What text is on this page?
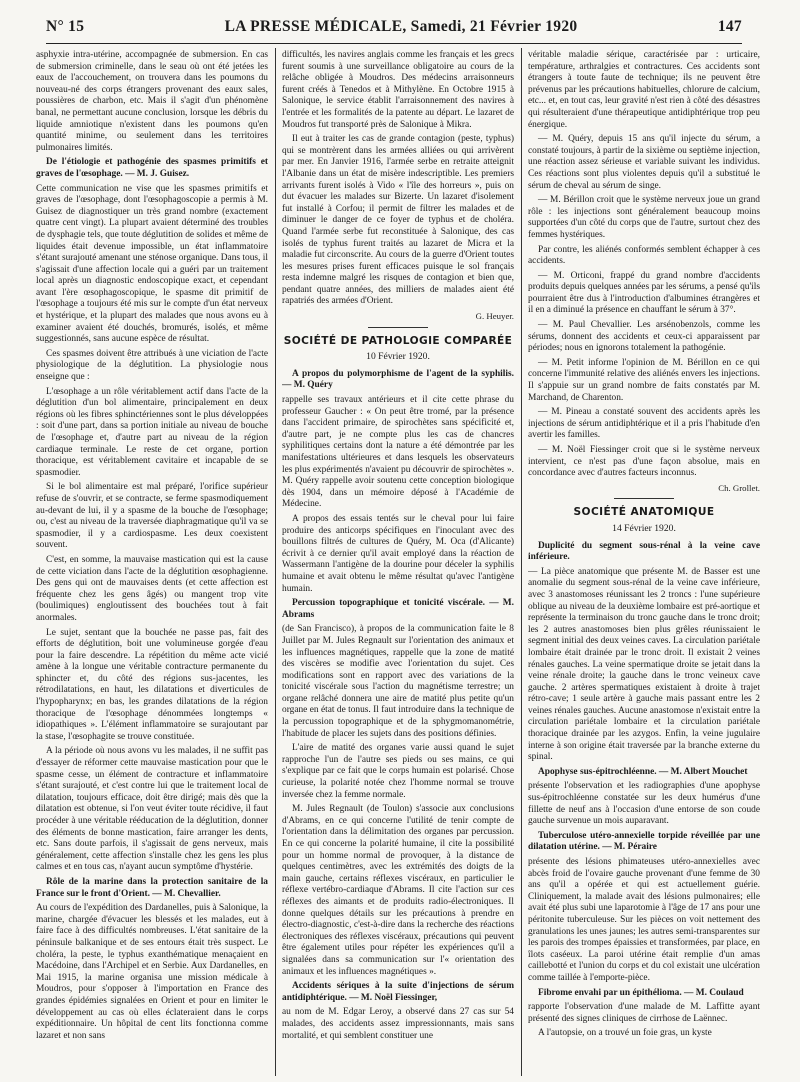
N° 15	LA PRESSE MÉDICALE, Samedi, 21 Février 1920	147

asphyxie intra-utérine, accompagnée de submersion. En cas de submersion criminelle, dans le seau où ont été jetées les eaux de l'accouchement, on trouvera dans les poumons du nouveau-né des corps étrangers provenant des eaux sales, poussières de charbon, etc. Mais il s'agit d'un phénomène banal, ne permettant aucune conclusion, lorsque les débris du liquide amniotique n'existent dans les poumons qu'en quantité minime, ou seulement dans les territoires pulmonaires limités.

De l'étiologie et pathogénie des spasmes primitifs et graves de l'œsophage. — M. J. Guisez.

Cette communication ne vise que les spasmes primitifs et graves de l'œsophage, dont l'œsophagoscopie a permis à M. Guisez de diagnostiquer un très grand nombre (exactement quatre cent vingt). La plupart avaient déterminé des troubles de dysphagie tels, que toute déglutition de solides et même de liquides était devenue impossible, un état inflammatoire s'étant surajouté amenant une sténose organique. Dans tous, il s'agissait d'une affection locale qui a guéri par un traitement local après un diagnostic endoscopique exact, et cependant avant l'ère œsophagoscopique, le spasme dit primitif de l'œsophage a toujours été mis sur le compte d'un état nerveux et hystérique, et la plupart des malades que nous avons eu à examiner avaient été douchés, bromurés, isolés, et même suggestionnés, sans aucune espèce de résultat.

Ces spasmes doivent être attribués à une viciation de l'acte physiologique de la déglutition. La physiologie nous enseigne que :

L'œsophage a un rôle véritablement actif dans l'acte de la déglutition d'un bol alimentaire, principalement en deux régions où les fibres sphinctériennes sont le plus développées : soit d'une part, dans sa portion initiale au niveau de bouche de l'œsophage et, d'autre part au niveau de la région cardiaque terminale. Le reste de cet organe, portion thoracique, est véritablement cavitaire et incapable de se spasmodier.

Si le bol alimentaire est mal préparé, l'orifice supérieur refuse de s'ouvrir, et se contracte, se ferme spasmodiquement au-devant de lui, il y a spasme de la bouche de l'œsophage; ou, c'est au niveau de la traversée diaphragmatique qu'il va se spasmodier, il y a cardiospasme. Les deux coexistent souvent.

C'est, en somme, la mauvaise mastication qui est la cause de cette viciation dans l'acte de la déglutition œsophagienne. Des gens qui ont de mauvaises dents (et cette affection est fréquente chez les gens âgés) ou mangent trop vite (boulimiques) engloutissent des bouchées tout à fait anormales.

Le sujet, sentant que la bouchée ne passe pas, fait des efforts de déglutition, boit une volumineuse gorgée d'eau pour la faire descendre. La répétition du même acte vicié amène à la longue une véritable contracture permanente du sphincter et, du côté des régions sus-jacentes, les rétrodilatations, en haut, les dilatations et diverticules de l'hypopharynx; en bas, les grandes dilatations de la région thoracique de l'œsophage dénommées longtemps « idiopathiques ». L'élément inflammatoire se surajoutant par la stase, l'œsophagite se trouve constituée.

A la période où nous avons vu les malades, il ne suffit pas d'essayer de réformer cette mauvaise mastication pour que le spasme cesse, un élément de contracture et inflammatoire s'étant surajouté, et c'est contre lui que le traitement local de dilatation, toujours efficace, doit être dirigé; mais dès que la dilatation est obtenue, si l'on veut éviter toute récidive, il faut procéder à une véritable rééducation de la déglutition, donner des éléments de bonne mastication, faire arranger les dents, etc. Sans doute parfois, il s'agissait de gens nerveux, mais généralement, cette affection s'installe chez les gens les plus calmes et en tous cas, n'ayant aucun symptôme d'hystérie.

Rôle de la marine dans la protection sanitaire de la France sur le front d'Orient. — M. Chevallier.

Au cours de l'expédition des Dardanelles, puis à Salonique, la marine, chargée d'évacuer les blessés et les malades, eut à faire face à des difficultés nombreuses. L'état sanitaire de la péninsule balkanique et de ses entours était très suspect. Le choléra, la peste, le typhus exanthématique menaçaient en Macédoine, dans l'Archipel et en Serbie. Aux Dardanelles, en Mai 1915, la marine organisa une mission médicale à Moudros, pour s'opposer à l'importation en France des grandes épidémies signalées en Orient et pour en limiter le développement au cas où elles éclateraient dans le corps expéditionnaire. Un hôpital de cent lits fonctionna comme lazaret et non sans

difficultés, les navires anglais comme les français et les grecs furent soumis à une surveillance obligatoire au cours de la relâche obligée à Moudros. Des médecins arraisonneurs furent créés à Tenedos et à Mithylène. En Octobre 1915 à Salonique, le service établit l'arraisonnement des navires à l'entrée et les formalités de la patente au départ. Le lazaret de Moudros fut transporté près de Salonique à Mikra.

Il eut à traiter les cas de grande contagion (peste, typhus) qui se montrèrent dans les armées alliées ou qui arrivèrent par mer. En Janvier 1916, l'armée serbe en retraite atteignit l'Albanie dans un état de misère indescriptible. Les premiers arrivants furent isolés à Vido « l'île des horreurs », puis on dut évacuer les malades sur Bizerte. Un lazaret d'isolement fut installé à Corfou; il permit de filtrer les malades et de diminuer le danger de ce foyer de typhus et de choléra. Quand l'armée serbe fut reconstituée à Salonique, des cas isolés de typhus furent traités au lazaret de Micra et la maladie fut circonscrite. Au cours de la guerre d'Orient toutes les mesures prises furent efficaces puisque le sol français resta indemne malgré les risques de contagion et bien que, pendant quatre années, des milliers de malades aient été rapatriés des armées d'Orient.

G. Heuyer.
SOCIÉTÉ DE PATHOLOGIE COMPARÉE
10 Février 1920.

A propos du polymorphisme de l'agent de la syphilis. — M. Quéry

rappelle ses travaux antérieurs et il cite cette phrase du professeur Gaucher : « On peut être tromé, par la présence dans l'accident primaire, de spirochètes sans spécificité et, d'autre part, je ne compte plus les cas de chancres syphilitiques certains dont la nature a été démontrée par les manifestations ultérieures et dans lesquels les observateurs les plus expérimentés n'avaient pu découvrir de spirochètes ». M. Quéry rappelle avoir soutenu cette conception biologique dès 1904, dans un mémoire déposé à l'Académie de Médecine.

A propos des essais tentés sur le cheval pour lui faire produire des anticorps spécifiques en l'inoculant avec des bouillons filtrés de cultures de Quéry, M. Oca (d'Alicante) écrivit à ce dernier qu'il avait employé dans la réaction de Wassermann l'antigène de la dourine pour déceler la syphilis humaine et avait obtenu le même résultat qu'avec l'antigène humain.

Percussion topographique et tonicité viscérale. — M. Abrams

(de San Francisco), à propos de la communication faite le 8 Juillet par M. Jules Regnault sur l'orientation des animaux et les influences magnétiques, rappelle que la zone de matité des viscères se modifie avec l'orientation du sujet. Ces modifications sont en rapport avec des variations de la tonicité viscérale sous l'action du magnétisme terrestre; un organe relâché donnera une aire de matité plus petite qu'un organe en état de tonus. Il faut introduire dans la technique de la percussion topographique et de la sphygmomanométrie, l'habitude de placer les sujets dans des positions définies.

L'aire de matité des organes varie aussi quand le sujet rapproche l'un de l'autre ses pieds ou ses mains, ce qui s'explique par ce fait que le corps humain est polarisé. Chose curieuse, la polarité notée chez l'homme normal se trouve inversée chez la femme normale.

M. Jules Regnault (de Toulon) s'associe aux conclusions d'Abrams, en ce qui concerne l'utilité de tenir compte de l'orientation dans la délimitation des organes par percussion. En ce qui concerne la polarité humaine, il cite la possibilité pour un homme normal de provoquer, à la distance de quelques centimètres, avec les extrémités des doigts de la main gauche, certains réflexes viscéraux, en particulier le réflexe vertébro-cardiaque d'Abrams. Il cite l'action sur ces réflexes des aimants et de produits radio-électroniques. Il donne quelques détails sur les précautions à prendre en électro-diagnostic, c'est-à-dire dans la recherche des réactions électroniques des réflexes viscéraux, précautions qui peuvent être également utiles pour répéter les expériences qu'il a signalées dans sa communication sur l'« orientation des animaux et les influences magnétiques ».

Accidents sériques à la suite d'injections de sérum antidiphtérique. — M. Noël Fiessinger,

au nom de M. Edgar Leroy, a observé dans 27 cas sur 54 malades, des accidents assez impressionnants, mais sans mortalité, et qui semblent constituer une

véritable maladie sérique, caractérisée par : urticaire, température, arthralgies et contractures. Ces accidents sont étrangers à toute faute de technique; ils ne peuvent être prévenus par les précautions habituelles, chlorure de calcium, etc... et, en tout cas, leur gravité n'est rien à côté des désastres qui résulteraient d'une thérapeutique antidiphtérique trop peu énergique.

— M. Quéry, depuis 15 ans qu'il injecte du sérum, a constaté toujours, à partir de la sixième ou septième injection, une réaction assez sérieuse et variable suivant les individus. Ces réactions sont plus violentes depuis qu'il a substitué le sérum de cheval au sérum de singe.

— M. Bérillon croit que le système nerveux joue un grand rôle : les injections sont généralement beaucoup moins supportées d'un côté du corps que de l'autre, surtout chez des femmes hystériques.

Par contre, les aliénés conformés semblent échapper à ces accidents.

— M. Orticoni, frappé du grand nombre d'accidents produits depuis quelques années par les sérums, a pensé qu'ils pourraient être dus à l'introduction d'albumines étrangères et il en a diminué la présence en chauffant le sérum à 37°.

— M. Paul Chevallier. Les arsénobenzols, comme les sérums, donnent des accidents et ceux-ci apparaissent par périodes; nous en ignorons totalement la pathogénie.

— M. Petit informe l'opinion de M. Bérillon en ce qui concerne l'immunité relative des aliénés envers les injections. Il s'appuie sur un grand nombre de faits constatés par M. Marchand, de Charenton.

— M. Pineau a constaté souvent des accidents après les injections de sérum antidiphtérique et il a pris l'habitude d'en avertir les familles.

— M. Noël Fiessinger croit que si le système nerveux intervient, ce n'est pas d'une façon absolue, mais en concordance avec d'autres facteurs inconnus.

Ch. Grollet.
SOCIÉTÉ ANATOMIQUE
14 Février 1920.

Duplicité du segment sous-rénal à la veine cave inférieure.

— La pièce anatomique que présente M. de Basser est une anomalie du segment sous-rénal de la veine cave inférieure, avec 3 anastomoses réunissant les 2 troncs : l'une supérieure oblique au niveau de la deuxième lombaire est pré-aortique et représente la terminaison du tronc gauche dans le tronc droit; les 2 autres anastomoses bien plus grêles réunissaient le segment initial des deux veines caves. La circulation pariétale lombaire était drainée par le tronc droit. Il existait 2 veines rénales gauches. La veine spermatique droite se jetait dans la veine rénale droite; la gauche dans le tronc veineux cave gauche. 2 artères spermatiques existaient à droite à trajet rétro-cave; 1 seule artère à gauche mais passant entre les 2 veines rénales gauches. Aucune anastomose n'existait entre la circulation pariétale lombaire et la circulation pariétale thoracique drainée par les azygos. Enfin, la veine jugulaire interne à son origine était traversée par la branche externe du spinal.

Apophyse sus-épitrochléenne. — M. Albert Mouchet

présente l'observation et les radiographies d'une apophyse sus-épitrochléenne constatée sur les deux humérus d'une fillette de neuf ans à l'occasion d'une entorse de son coude gauche survenue un mois auparavant.

Tuberculose utéro-annexielle torpide réveillée par une dilatation utérine. — M. Péraire

présente des lésions phimateuses utéro-annexielles avec abcès froid de l'ovaire gauche provenant d'une femme de 30 ans qu'il a opérée et qui est actuellement guérie. Cliniquement, la malade avait des lésions pulmonaires; elle avait été plus subi une laparotomie à l'âge de 17 ans pour une péritonite tuberculeuse. Sur les pièces on voit nettement des granulations les unes jaunes; les autres semi-transparentes sur les parois des trompes épaissies et transformées, par place, en îlots caséeux. La paroi utérine était remplie d'un amas caillebotté et l'union du corps et du col existait une ulcération comme taillée à l'emporte-pièce.

Fibrome envahi par un épithélioma. — M. Coulaud

rapporte l'observation d'une malade de M. Laffitte ayant présenté des signes cliniques de cirrhose de Laënnec.

A l'autopsie, on a trouvé un foie gras, un kyste
